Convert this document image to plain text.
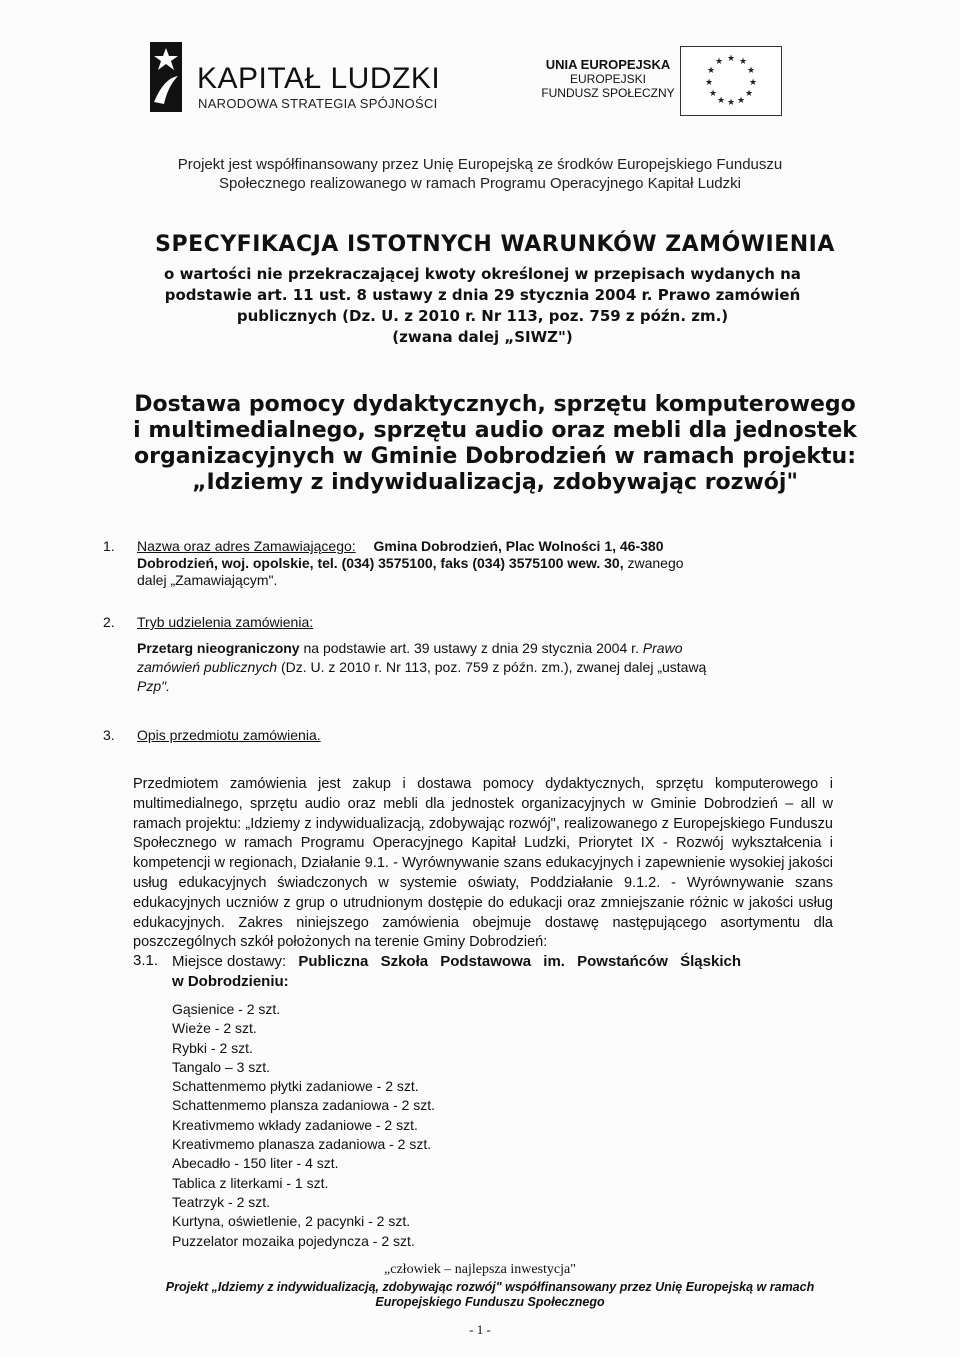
KAPITAŁ LUDZKI
NARODOWA STRATEGIA SPÓJNOŚCI
UNIA EUROPEJSKA
EUROPEJSKI
FUNDUSZ SPOŁECZNY
★ ★
★
★
★
★
★
★
★
★
★
★
Projekt jest współfinansowany przez Unię Europejską ze środków Europejskiego Funduszu
Społecznego realizowanego w ramach Programu Operacyjnego Kapitał Ludzki
SPECYFIKACJA ISTOTNYCH WARUNKÓW ZAMÓWIENIA
o wartości nie przekraczającej kwoty określonej w przepisach wydanych na
podstawie art. 11 ust. 8 ustawy z dnia 29 stycznia 2004 r. Prawo zamówień
publicznych (Dz. U. z 2010 r. Nr 113, poz. 759 z późn. zm.)
(zwana dalej „SIWZ")
Dostawa pomocy dydaktycznych, sprzętu komputerowego
i multimedialnego, sprzętu audio oraz mebli dla jednostek
organizacyjnych w Gminie Dobrodzień w ramach projektu:
„Idziemy z indywidualizacją, zdobywając rozwój"
1. Nazwa oraz adres Zamawiającego: Gmina Dobrodzień, Plac Wolności 1, 46-380
Dobrodzień, woj. opolskie, tel. (034) 3575100, faks (034) 3575100 wew. 30, zwanego
dalej „Zamawiającym".
2. Tryb udzielenia zamówienia:
Przetarg nieograniczony na podstawie art. 39 ustawy z dnia 29 stycznia 2004 r. Prawo
zamówień publicznych (Dz. U. z 2010 r. Nr 113, poz. 759 z późn. zm.), zwanej dalej „ustawą
Pzp".
3. Opis przedmiotu zamówienia.
Przedmiotem zamówienia jest zakup i dostawa pomocy dydaktycznych, sprzętu komputerowego i multimedialnego, sprzętu audio oraz mebli dla jednostek organizacyjnych w Gminie Dobrodzień – all w ramach projektu: „Idziemy z indywidualizacją, zdobywając rozwój", realizowanego z Europejskiego Funduszu Społecznego w ramach Programu Operacyjnego Kapitał Ludzki, Priorytet IX - Rozwój wykształcenia i kompetencji w regionach, Działanie 9.1. - Wyrównywanie szans edukacyjnych i zapewnienie wysokiej jakości usług edukacyjnych świadczonych w systemie oświaty, Poddziałanie 9.1.2. - Wyrównywanie szans edukacyjnych uczniów z grup o utrudnionym dostępie do edukacji oraz zmniejszanie różnic w jakości usług edukacyjnych. Zakres niniejszego zamówienia obejmuje dostawę następującego asortymentu dla poszczególnych szkół położonych na terenie Gminy Dobrodzień:
3.1. Miejsce dostawy: Publiczna Szkoła Podstawowa im. Powstańców Śląskich
w Dobrodzieniu:
Gąsienice - 2 szt.
Wieże - 2 szt.
Rybki - 2 szt.
Tangalo – 3 szt.
Schattenmemo płytki zadaniowe - 2 szt.
Schattenmemo plansza zadaniowa - 2 szt.
Kreativmemo wkłady zadaniowe - 2 szt.
Kreativmemo planasza zadaniowa - 2 szt.
Abecadło - 150 liter - 4 szt.
Tablica z literkami - 1 szt.
Teatrzyk - 2 szt.
Kurtyna, oświetlenie, 2 pacynki - 2 szt.
Puzzelator mozaika pojedyncza - 2 szt.
„człowiek – najlepsza inwestycja"
Projekt „Idziemy z indywidualizacją, zdobywając rozwój" współfinansowany przez Unię Europejską w ramach
Europejskiego Funduszu Społecznego
- 1 -
